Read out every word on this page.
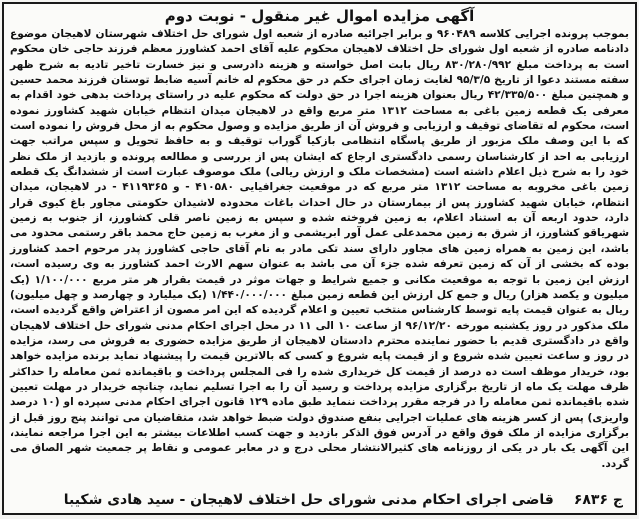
آگهی مزایده اموال غیر منقول - نوبت دوم
بموجب پرونده اجرایی کلاسه ۹۶۰۴۸۹ و برابر اجرائیه صادره از شعبه اول شورای حل اختلاف شهرستان لاهیجان موضوع دادنامه صادره از شعبه اول شورای حل اختلاف لاهیجان محکوم علیه آقای احمد کشاورز معظم فرزند حاجی خان محکوم است به پرداخت مبلغ ۸۳۰/۲۸۰/۹۹۲ ریال بابت اصل خواسته و هزینه دادرسی و نیز خسارت تاخیر تادیه به شرح ظهر سفته مستند دعوا از تاریخ ۹۵/۳/۵ لغایت زمان اجرای حکم در حق محکوم له خانم آسیه ضابط توستان فرزند محمد حسین و همچنین مبلغ ۴۲/۳۳۵/۵۰۰ ریال بعنوان هزینه اجرا در حق دولت که محکوم علیه در راستای پرداخت بدهی خود اقدام به معرفی یک قطعه زمین باغی به مساحت ۱۳۱۲ متر مربع واقع در لاهیجان میدان انتظام خیابان شهید کشاورز نموده است، محکوم له تقاضای توقیف و ارزیابی و فروش آن از طریق مزایده و وصول محکوم به از محل فروش را نموده است که با این وصف ملک مزبور از طریق پاسگاه انتظامی بازکیا گوراب توقیف و به حافظ تحویل و سپس مراتب جهت ارزیابی به احد از کارشناسان رسمی دادگستری ارجاع که ایشان پس از بررسی و مطالعه پرونده و بازدید از ملک نظر خود را به شرح ذیل اعلام داشته است (مشخصات ملک و ارزش ریالی) ملک موصوف عبارت است از ششدانگ یک قطعه زمین باغی مخروبه به مساحت ۱۳۱۲ متر مربع که در موقعیت جغرافیایی ۴۱۰۵۸۰ - و ۴۱۱۹۳۶۵ - در لاهیجان، میدان انتظام، خیابان شهید کشاورز پس از بیمارستان در حال احداث باغات محدوده لاشیدان حکومتی مجاور باغ کیوی قرار دارد، حدود اربعه آن به استناد اعلام، به زمین فروخته شده و سپس به زمین ناصر قلی کشاورز، از جنوب به زمین شهریاقو کشاورز، از شرق به زمین محمدعلی عمل آور ابریشمی و از مغرب به زمین حاج محمد باقر رستمی محدود می باشد، این زمین به همراه زمین های مجاور دارای سند تکی مادر به نام آقای حاجی کشاورز پدر مرحوم احمد کشاورز بوده که بخشی از آن که زمین تعرفه شده جزء آن می باشد به عنوان سهم الارث احمد کشاورز به وی رسیده است، ارزش این زمین با توجه به موقعیت مکانی و جمیع شرایط و جهات موثر در قیمت بقرار هر متر مربع ۱/۱۰۰/۰۰۰ (یک میلیون و یکصد هزار) ریال و جمع کل ارزش این قطعه زمین مبلغ ۱/۴۴۰/۰۰۰/۰۰۰ (یک میلیارد و چهارصد و چهل میلیون) ریال به عنوان قیمت پایه توسط کارشناس منتخب تعیین و اعلام گردیده که این امر مصون از اعتراض واقع گردیده است، ملک مذکور در روز یکشنبه مورخه ۹۶/۱۲/۲۰ از ساعت ۱۰ الی ۱۱ در محل اجرای احکام مدنی شورای حل اختلاف لاهیجان واقع در دادگستری قدیم با حضور نماینده محترم دادستان لاهیجان از طریق مزایده حضوری به فروش می رسد، مزایده در روز و ساعت تعیین شده شروع و از قیمت پایه شروع و کسی که بالاترین قیمت را پیشنهاد نماید برنده مزایده خواهد بود، خریدار موظف است ده درصد از قیمت کل خریداری شده را فی المجلس پرداخت و باقیمانده ثمن معامله را حداکثر ظرف مهلت یک ماه از تاریخ برگزاری مزایده پرداخت و رسید آن را به اجرا تسلیم نماید، چنانچه خریدار در مهلت تعیین شده باقیمانده ثمن معامله را در فرجه مقرر پرداخت ننماید طبق ماده ۱۲۹ قانون اجرای احکام مدنی سپرده او (۱۰ درصد واریزی) پس از کسر هزینه های عملیات اجرایی بنفع صندوق دولت ضبط خواهد شد، متقاضیان می توانند پنج روز قبل از برگزاری مزایده از ملک فوق واقع در آدرس فوق الذکر بازدید و جهت کسب اطلاعات بیشتر به این اجرا مراجعه نمایند، این آگهی یک بار در یکی از روزنامه های کثیرالانتشار محلی درج و در معابر عمومی و نقاط پر جمعیت شهر الصاق می گردد.
ج ۶۸۳۶
قاضی اجرای احکام مدنی شورای حل اختلاف لاهیجان - سید هادی شکیبا
